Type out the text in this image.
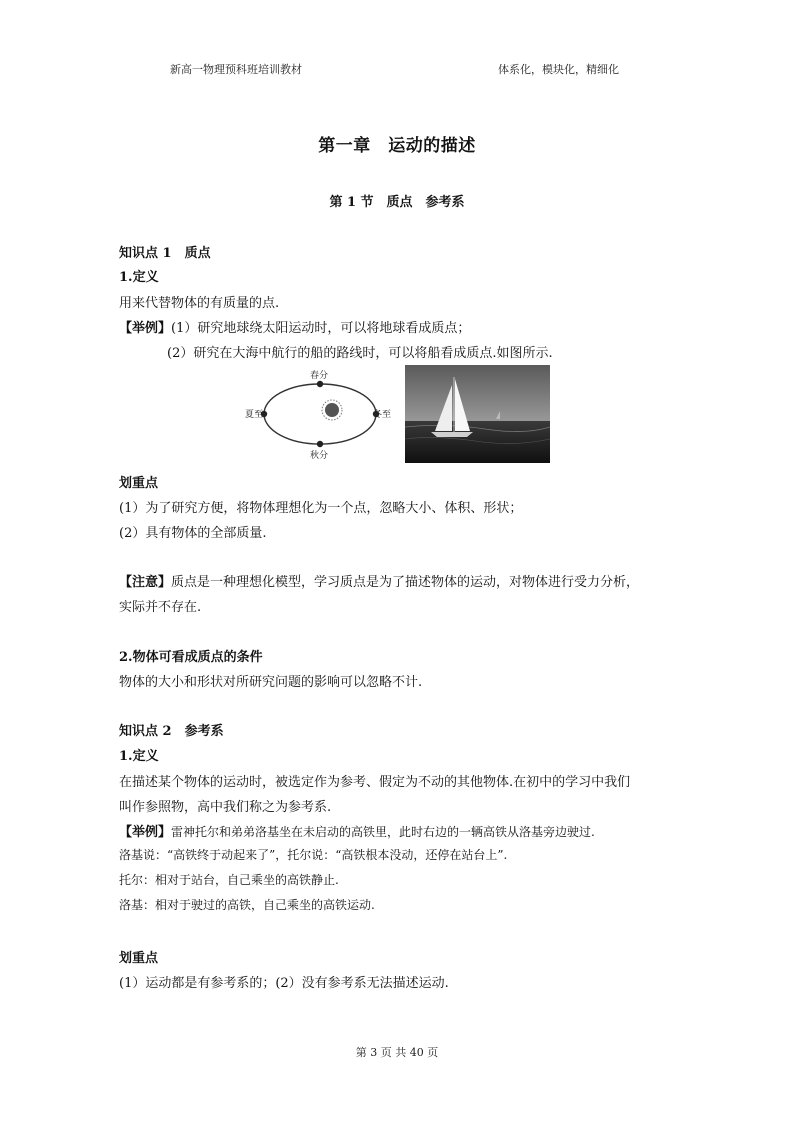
新高一物理预科班培训教材	体系化，模块化，精细化
第一章　运动的描述
第 1 节　质点　参考系
知识点 1　质点
1.定义
用来代替物体的有质量的点.
【举例】(1）研究地球绕太阳运动时，可以将地球看成质点；
(2）研究在大海中航行的船的路线时，可以将船看成质点.如图所示.
春分
夏至	冬至
秋分
划重点
(1）为了研究方便，将物体理想化为一个点，忽略大小、体积、形状；
(2）具有物体的全部质量.
【注意】质点是一种理想化模型，学习质点是为了描述物体的运动，对物体进行受力分析，
实际并不存在.
2.物体可看成质点的条件
物体的大小和形状对所研究问题的影响可以忽略不计.
知识点 2　参考系
1.定义
在描述某个物体的运动时，被选定作为参考、假定为不动的其他物体.在初中的学习中我们
叫作参照物，高中我们称之为参考系.
【举例】雷神托尔和弟弟洛基坐在未启动的高铁里，此时右边的一辆高铁从洛基旁边驶过.
洛基说：“高铁终于动起来了”，托尔说：“高铁根本没动，还停在站台上”.
托尔：相对于站台，自己乘坐的高铁静止.
洛基：相对于驶过的高铁，自己乘坐的高铁运动.
划重点
(1）运动都是有参考系的；(2）没有参考系无法描述运动.
第 3 页 共 40 页
